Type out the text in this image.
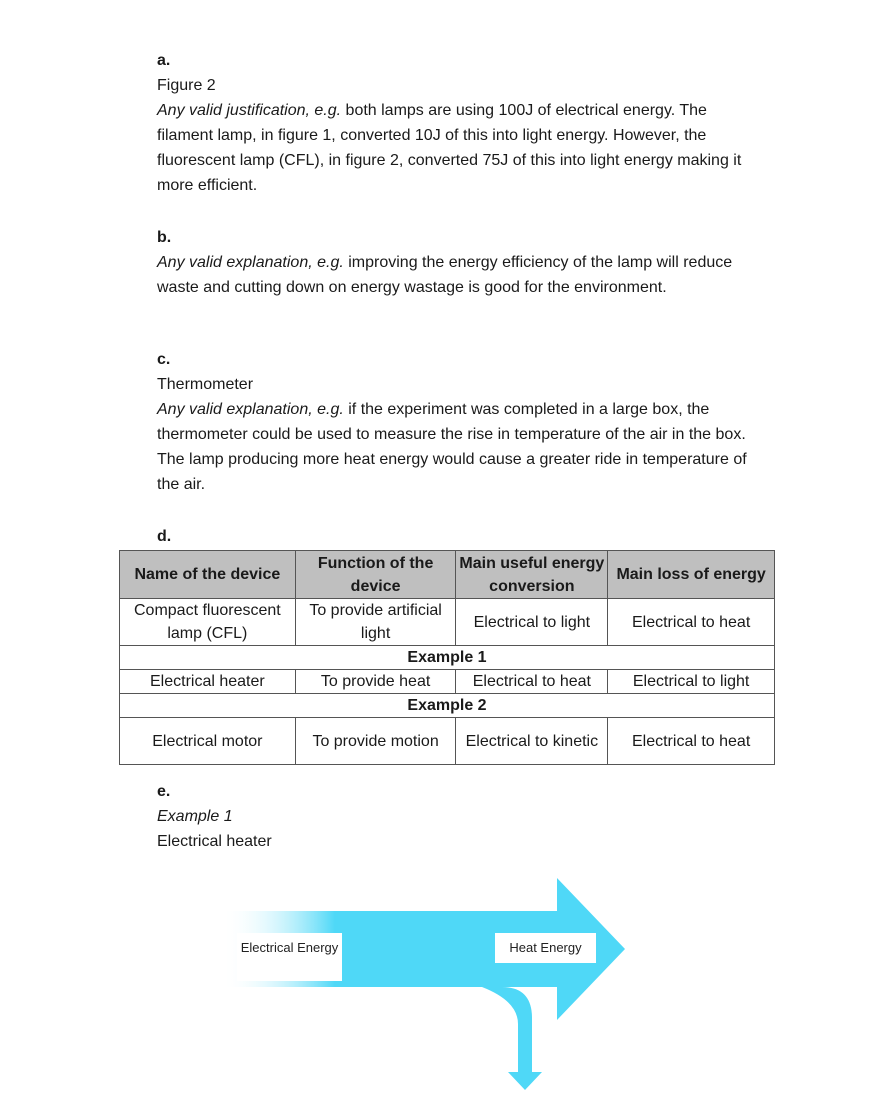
a.

Figure 2

Any valid justification, e.g. both lamps are using 100J of electrical energy. The filament lamp, in figure 1, converted 10J of this into light energy. However, the fluorescent lamp (CFL), in figure 2, converted 75J of this into light energy making it more efficient.

b.

Any valid explanation, e.g. improving the energy efficiency of the lamp will reduce waste and cutting down on energy wastage is good for the environment.

c.

Thermometer

Any valid explanation, e.g. if the experiment was completed in a large box, the thermometer could be used to measure the rise in temperature of the air in the box. The lamp producing more heat energy would cause a greater ride in temperature of the air.

d.

Name of the device	Function of the device	Main useful energy conversion	Main loss of energy
Compact fluorescent lamp (CFL)	To provide artificial light	Electrical to light	Electrical to heat
Example 1			
Electrical heater	To provide heat	Electrical to heat	Electrical to light
Example 2			
Electrical motor	To provide motion	Electrical to kinetic	Electrical to heat

e.

Example 1

Electrical heater

Electrical Energy	Heat Energy
